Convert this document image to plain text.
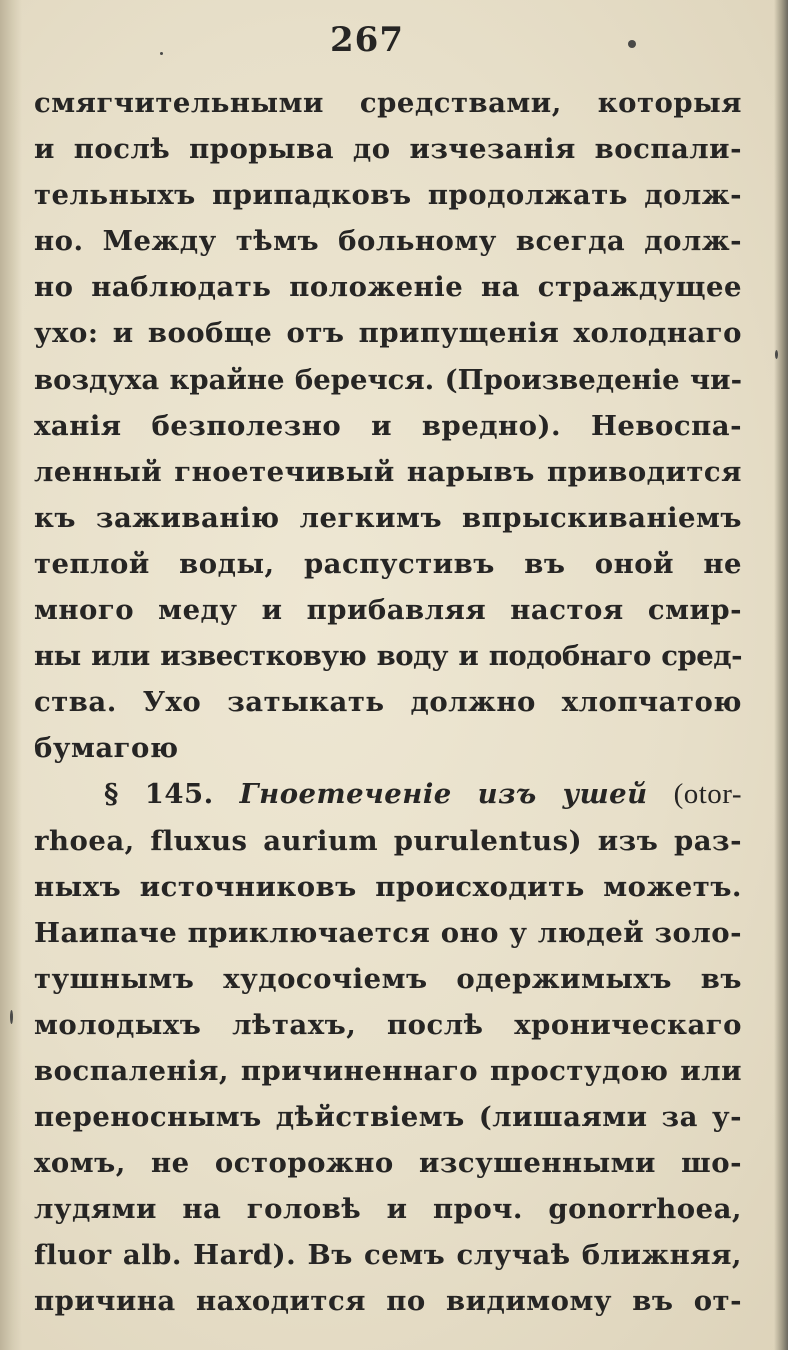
267
смягчительными средствами, которыя
и послѣ прорыва до изчезанія воспали-
тельныхъ припадковъ продолжать долж-
но. Между тѣмъ больному всегда долж-
но наблюдать положеніе на страждущее
ухо: и вообще отъ припущенія холоднаго
воздуха крайне беречся. (Произведеніе чи-
ханія безполезно и вредно). Невоспа-
ленный гноетечивый нарывъ приводится
къ заживанію легкимъ впрыскиваніемъ
теплой воды, распустивъ въ оной не
много меду и прибавляя настоя смир-
ны или известковую воду и подобнаго сред-
ства. Ухо затыкать должно хлопчатою
бумагою
§ 145. Гноетеченіе изъ ушей (otor-
rhoea, fluxus aurium purulentus) изъ раз-
ныхъ источниковъ происходить можетъ.
Наипаче приключается оно у людей золо-
тушнымъ худосочіемъ одержимыхъ въ
молодыхъ лѣтахъ, послѣ хроническаго
воспаленія, причиненнаго простудою или
переноснымъ дѣйствіемъ (лишаями за у-
хомъ, не осторожно изсушенными шо-
лудями на головѣ и проч. gonorrhoea,
fluor alb. Hard). Въ семъ случаѣ ближняя,
причина находится по видимому въ от-
